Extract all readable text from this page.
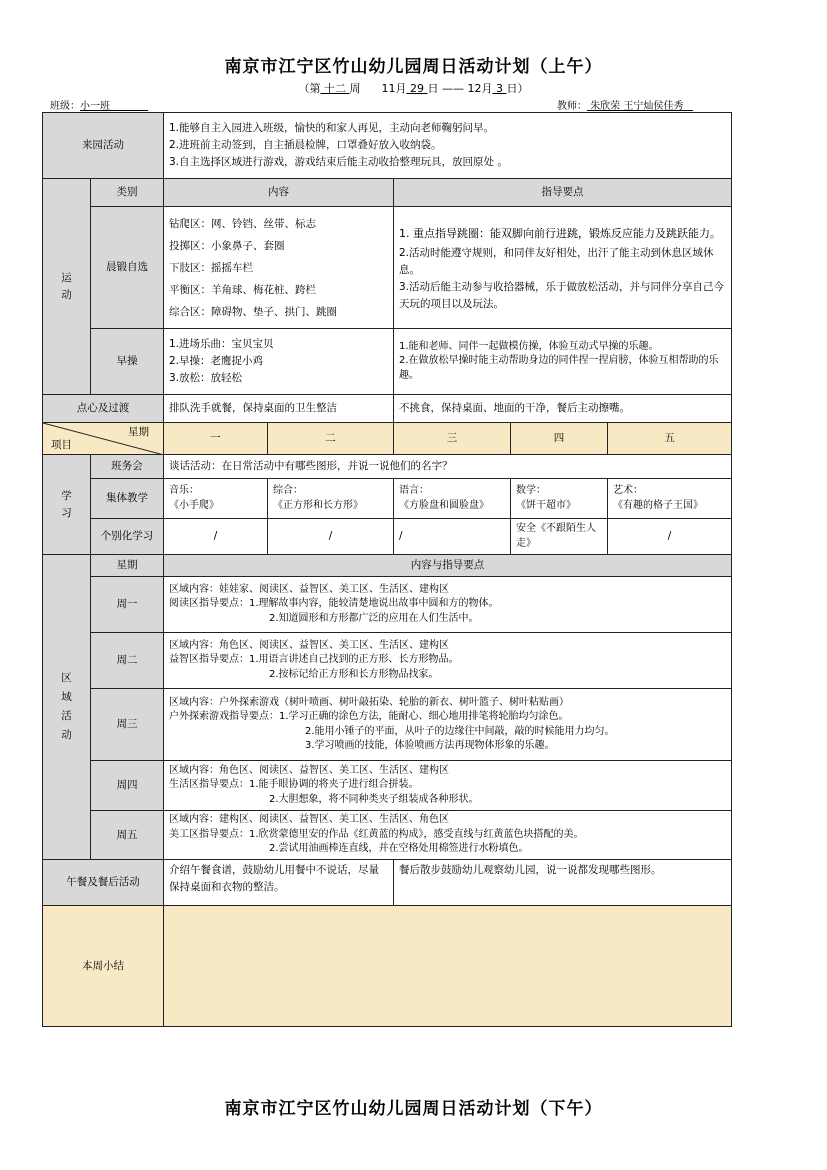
南京市江宁区竹山幼儿园周日活动计划（上午）
（第 十二 周 11月 29 日 —— 12月 3 日）
班级：小一班	教师： 朱欣荣 王宁灿侯佳秀
来园活动		1.能够自主入园进入班级，愉快的和家人再见，主动向老师鞠躬问早。
2.进班前主动签到，自主插晨检牌，口罩叠好放入收纳袋。
3.自主选择区域进行游戏，游戏结束后能主动收拾整理玩具，放回原处 。				

运
动	类别	内容		指导要点		
	晨锻自选	钻爬区：网、铃铛、丝带、标志
投掷区：小象鼻子、套圈
下肢区：摇摇车栏
平衡区：羊角球、梅花桩、跨栏
综合区：障碍物、垫子、拱门、跳圈		1. 重点指导跳圈：能双脚向前行进跳，锻炼反应能力及跳跃能力。
2.活动时能遵守规则，和同伴友好相处，出汗了能主动到休息区域休息。
3.活动后能主动参与收拾器械，乐于做放松活动，并与同伴分享自己今天玩的项目以及玩法。		

	早操	1.进场乐曲：宝贝宝贝
2.早操：老鹰捉小鸡
3.放松：放轻松		1.能和老师、同伴一起做模仿操，体验互动式早操的乐趣。
2.在做放松早操时能主动帮助身边的同伴捏一捏肩膀，体验互相帮助的乐趣。		

点心及过渡		排队洗手就餐，保持桌面的卫生整洁		不挑食，保持桌面、地面的干净，餐后主动擦嘴。		

星期
项目		一	二	三	四	五

学
习	班务会	谈话活动：在日常活动中有哪些图形，并说一说他们的名字？				
	集体教学	音乐：
《小手爬》	综合：
《正方形和长方形》	语言：
《方脸盘和圆脸盘》	数学：
《饼干超市》	艺术：
《有趣的格子王国》

	个别化学习	/	/	/	安全《不跟陌生人走》	/

区
域
活
动	星期	内容与指导要点				
	周一	区域内容：娃娃家、阅读区、益智区、美工区、生活区、建构区
阅读区指导要点：1.理解故事内容，能较清楚地说出故事中圆和方的物体。
2.知道圆形和方形都广泛的应用在人们生活中。				

	周二	区域内容：角色区、阅读区、益智区、美工区、生活区、建构区
益智区指导要点：1.用语言讲述自己找到的正方形、长方形物品。
2.按标记给正方形和长方形物品找家。				

	周三	区域内容：户外探索游戏（树叶喷画、树叶敲拓染、轮胎的新衣、树叶篮子、树叶粘贴画）
户外探索游戏指导要点：1.学习正确的涂色方法，能耐心、细心地用排笔将轮胎均匀涂色。
2.能用小锤子的平面，从叶子的边缘往中间敲，敲的时候能用力均匀。
3.学习喷画的技能，体验喷画方法再现物体形象的乐趣。				

	周四	区域内容：角色区、阅读区、益智区、美工区、生活区、建构区
生活区指导要点：1.能手眼协调的将夹子进行组合拼装。
2.大胆想象，将不同种类夹子组装成各种形状。				

	周五	区域内容：建构区、阅读区、益智区、美工区、生活区、角色区
美工区指导要点：1.欣赏蒙德里安的作品《红黄蓝的构成》，感受直线与红黄蓝色块搭配的美。
2.尝试用油画棒连直线，并在空格处用棉签进行水粉填色。				

午餐及餐后活动		介绍午餐食谱，鼓励幼儿用餐中不说话，尽量保持桌面和衣物的整洁。		餐后散步鼓励幼儿观察幼儿园，说一说都发现哪些图形。		
本周小结						
南京市江宁区竹山幼儿园周日活动计划（下午）
